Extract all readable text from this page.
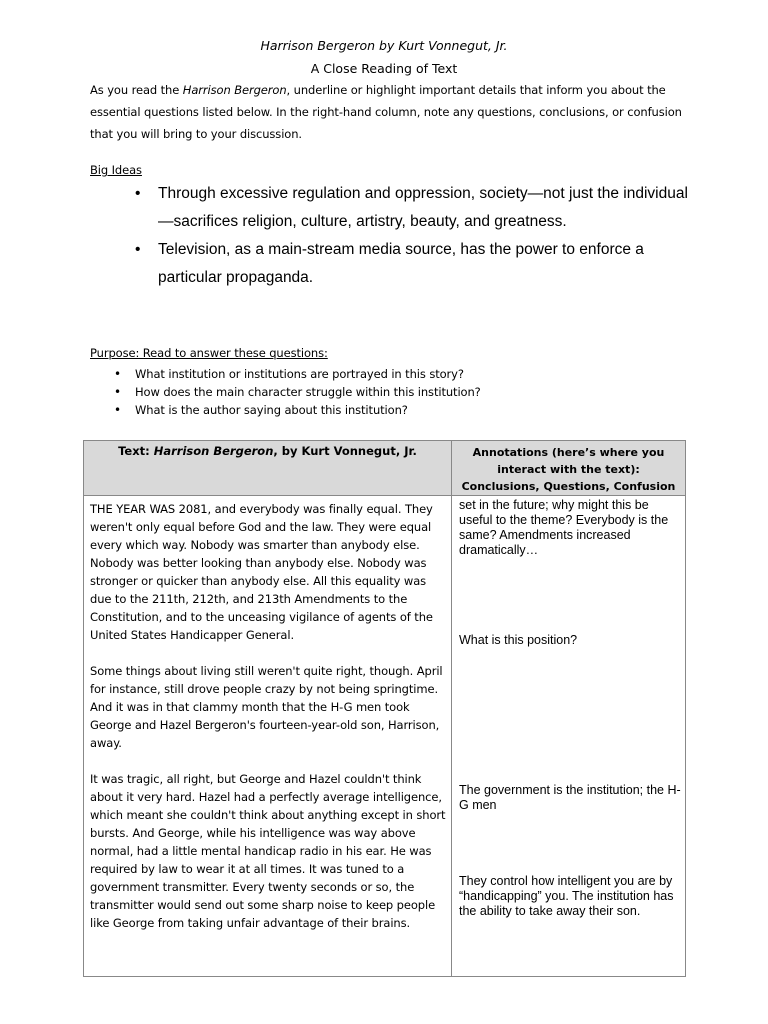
Harrison Bergeron by Kurt Vonnegut, Jr.
A Close Reading of Text
As you read the Harrison Bergeron, underline or highlight important details that inform you about the essential questions listed below. In the right-hand column, note any questions, conclusions, or confusion that you will bring to your discussion.
Big Ideas
• Through excessive regulation and oppression, society—not just the individual—sacrifices religion, culture, artistry, beauty, and greatness.
• Television, as a main-stream media source, has the power to enforce a particular propaganda.
Purpose: Read to answer these questions:
• What institution or institutions are portrayed in this story?
• How does the main character struggle within this institution?
• What is the author saying about this institution?
Text: Harrison Bergeron, by Kurt Vonnegut, Jr.	Annotations (here’s where you
interact with the text):
Conclusions, Questions, Confusion

THE YEAR WAS 2081, and everybody was finally equal. They weren't only equal before God and the law. They were equal every which way. Nobody was smarter than anybody else. Nobody was better looking than anybody else. Nobody was stronger or quicker than anybody else. All this equality was due to the 211th, 212th, and 213th Amendments to the Constitution, and to the unceasing vigilance of agents of the United States Handicapper General.

Some things about living still weren't quite right, though. April for instance, still drove people crazy by not being springtime. And it was in that clammy month that the H-G men took George and Hazel Bergeron's fourteen-year-old son, Harrison, away.

It was tragic, all right, but George and Hazel couldn't think about it very hard. Hazel had a perfectly average intelligence, which meant she couldn't think about anything except in short bursts. And George, while his intelligence was way above normal, had a little mental handicap radio in his ear. He was required by law to wear it at all times. It was tuned to a government transmitter. Every twenty seconds or so, the transmitter would send out some sharp noise to keep people like George from taking unfair advantage of their brains.

set in the future; why might this be useful to the theme? Everybody is the same? Amendments increased dramatically…
What is this position?
The government is the institution; the H-G men
They control how intelligent you are by “handicapping” you. The institution has the ability to take away their son.
